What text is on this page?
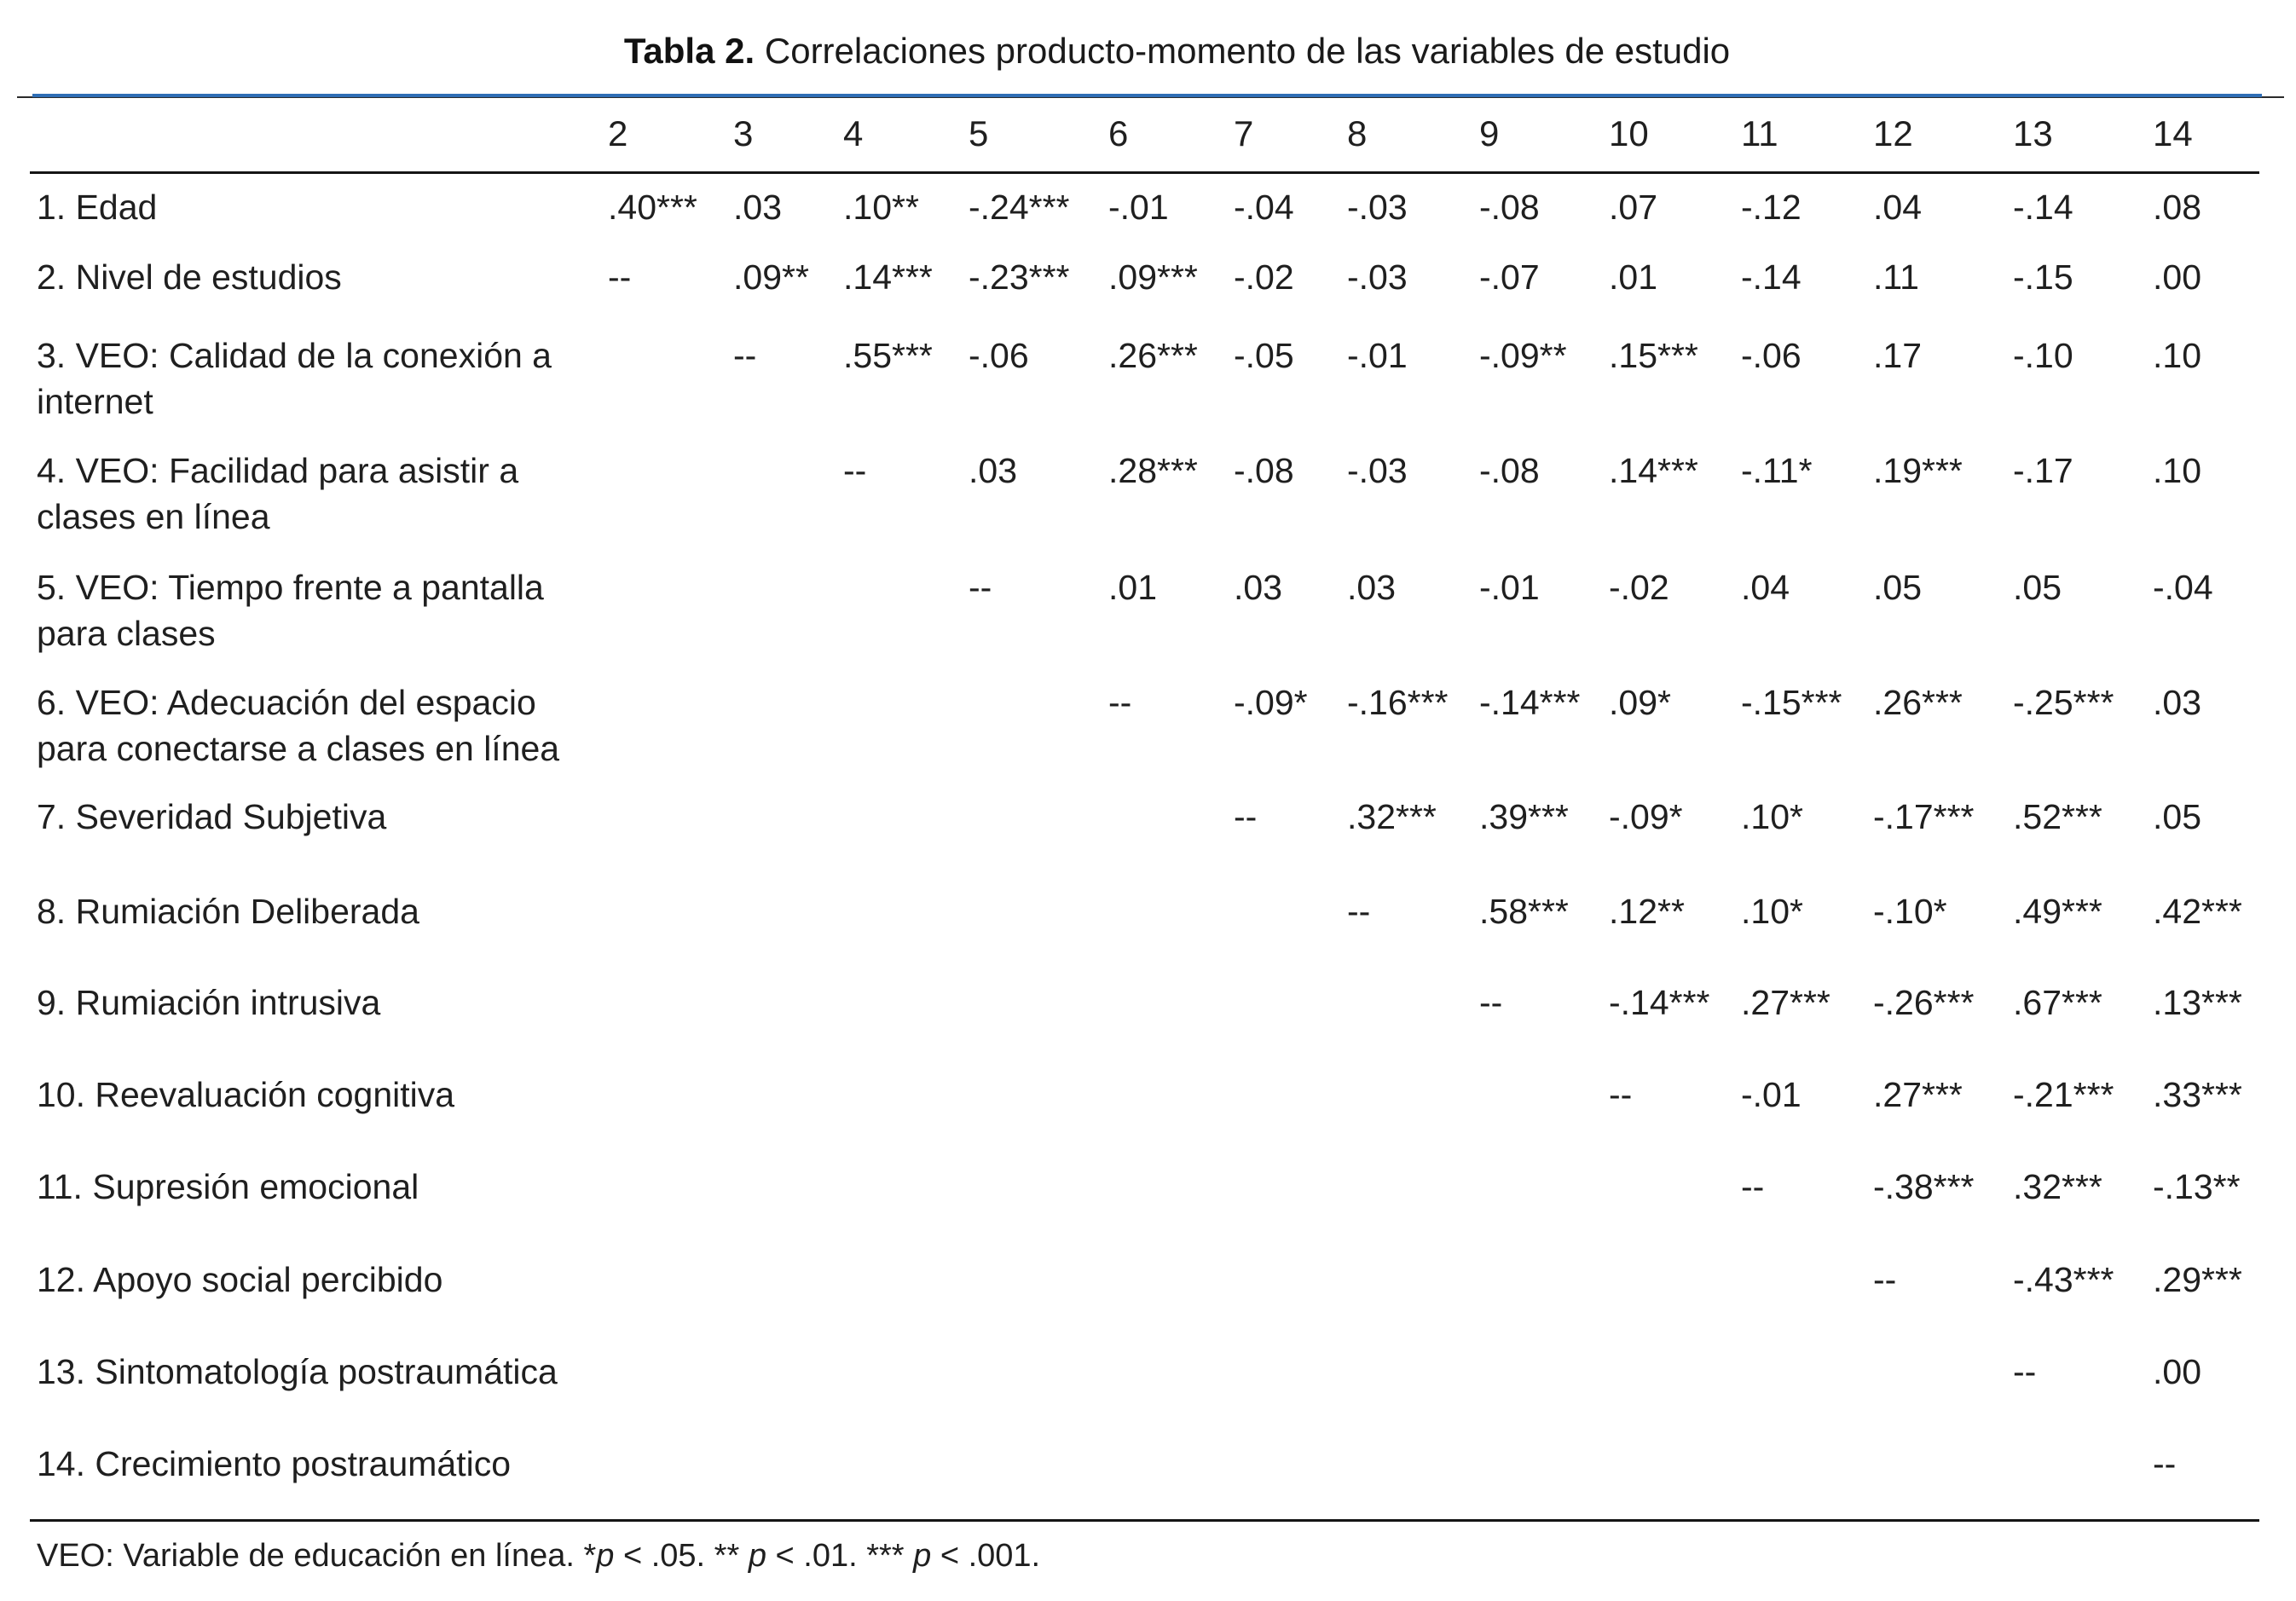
Tabla 2. Correlaciones producto-momento de las variables de estudio
	2	3	4	5	6	7	8	9	10	11	12	13	14
1. Edad	.40***	.03	.10**	-.24***	-.01	-.04	-.03	-.08	.07	-.12	.04	-.14	.08
2. Nivel de estudios	--	.09**	.14***	-.23***	.09***	-.02	-.03	-.07	.01	-.14	.11	-.15	.00
3. VEO: Calidad de la conexión a internet		--	.55***	-.06	.26***	-.05	-.01	-.09**	.15***	-.06	.17	-.10	.10
4. VEO: Facilidad para asistir a clases en línea			--	.03	.28***	-.08	-.03	-.08	.14***	-.11*	.19***	-.17	.10
5. VEO: Tiempo frente a pantalla para clases				--	.01	.03	.03	-.01	-.02	.04	.05	.05	-.04
6. VEO: Adecuación del espacio para conectarse a clases en línea					--	-.09*	-.16***	-.14***	.09*	-.15***	.26***	-.25***	.03
7. Severidad Subjetiva						--	.32***	.39***	-.09*	.10*	-.17***	.52***	.05
8. Rumiación Deliberada							--	.58***	.12**	.10*	-.10*	.49***	.42***
9. Rumiación intrusiva								--	-.14***	.27***	-.26***	.67***	.13***
10. Reevaluación cognitiva									--	-.01	.27***	-.21***	.33***
11. Supresión emocional										--	-.38***	.32***	-.13**
12. Apoyo social percibido											--	-.43***	.29***
13. Sintomatología postraumática												--	.00
14. Crecimiento postraumático													--
VEO: Variable de educación en línea. *p < .05. ** p < .01. *** p < .001.
